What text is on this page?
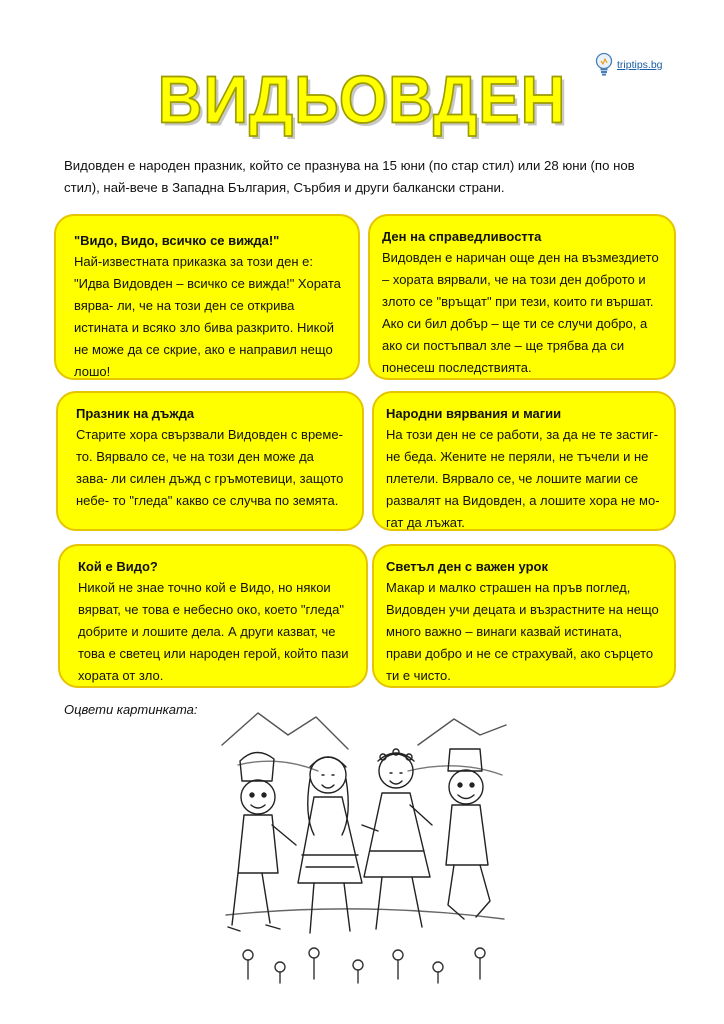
triptips.bg
ВИДЬОВДЕН
Видовден е народен празник, който се празнува на 15 юни (по стар стил) или 28 юни (по нов стил), най-вече в Западна България, Сърбия и други балкански страни.
"Видо, Видо, всичко се вижда!"

Най-известната приказка за този ден е: "Идва Видовден – всичко се вижда!" Хората вярва- ли, че на този ден се открива истината и всяко зло бива разкрито. Никой не може да се скрие, ако е направил нещо лошо!

Ден на справедливостта

Видовден е наричан още ден на възмездието – хората вярвали, че на този ден доброто и злото се "връщат" при тези, които ги вършат. Ако си бил добър – ще ти се случи добро, а ако си постъпвал зле – ще трябва да си понесеш последствията.

Празник на дъжда

Старите хора свързвали Видовден с време- то. Вярвало се, че на този ден може да завa- ли силен дъжд с гръмотевици, защото небе- то "гледа" какво се случва по земята.

Народни вярвания и магии

На този ден не се работи, за да не те застиг- не беда. Жените не перяли, не тъчели и не плетели. Вярвало се, че лошите магии се развалят на Видовден, а лошите хора не мо- гат да лъжат.

Кой е Видо?

Никой не знае точно кой е Видо, но някои вярват, че това е небесно око, което "гледа" добрите и лошите дела. А други казват, че това е светец или народен герой, който пази хората от зло.

Светъл ден с важен урок

Макар и малко страшен на пръв поглед, Видовден учи децата и възрастните на нещо много важно – винаги казвай истината, прави добро и не се страхувай, ако сърцето ти е чисто.

Оцвети картинката:
